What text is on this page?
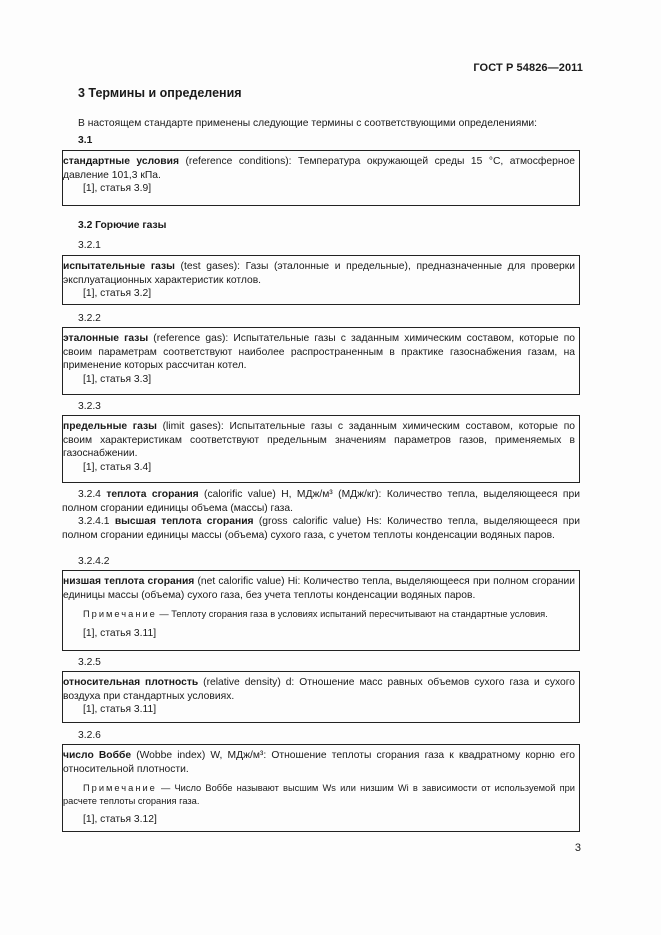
ГОСТ Р 54826—2011
3 Термины и определения
В настоящем стандарте применены следующие термины с соответствующими определениями:
3.1
стандартные условия (reference conditions): Температура окружающей среды 15 °С, атмосферное давление 101,3 кПа.
[1], статья 3.9]
3.2 Горючие газы
3.2.1
испытательные газы (test gases): Газы (эталонные и предельные), предназначенные для проверки эксплуатационных характеристик котлов.
[1], статья 3.2]
3.2.2
эталонные газы (reference gas): Испытательные газы с заданным химическим составом, которые по своим параметрам соответствуют наиболее распространенным в практике газоснабжения газам, на применение которых рассчитан котел.
[1], статья 3.3]
3.2.3
предельные газы (limit gases): Испытательные газы с заданным химическим составом, которые по своим характеристикам соответствуют предельным значениям параметров газов, применяемых в газоснабжении.
[1], статья 3.4]
3.2.4 теплота сгорания (calorific value) H, МДж/м³ (МДж/кг): Количество тепла, выделяющееся при полном сгорании единицы объема (массы) газа.
3.2.4.1 высшая теплота сгорания (gross calorific value) Hs: Количество тепла, выделяющееся при полном сгорании единицы массы (объема) сухого газа, с учетом теплоты конденсации водяных паров.
3.2.4.2
низшая теплота сгорания (net calorific value) Hi: Количество тепла, выделяющееся при полном сгорании единицы массы (объема) сухого газа, без учета теплоты конденсации водяных паров.
Примечание — Теплоту сгорания газа в условиях испытаний пересчитывают на стандартные условия.
[1], статья 3.11]
3.2.5
относительная плотность (relative density) d: Отношение масс равных объемов сухого газа и сухого воздуха при стандартных условиях.
[1], статья 3.11]
3.2.6
число Воббе (Wobbe index) W, МДж/м³: Отношение теплоты сгорания газа к квадратному корню его относительной плотности.
Примечание — Число Воббе называют высшим Ws или низшим Wi в зависимости от используемой при расчете теплоты сгорания газа.
[1], статья 3.12]
3
